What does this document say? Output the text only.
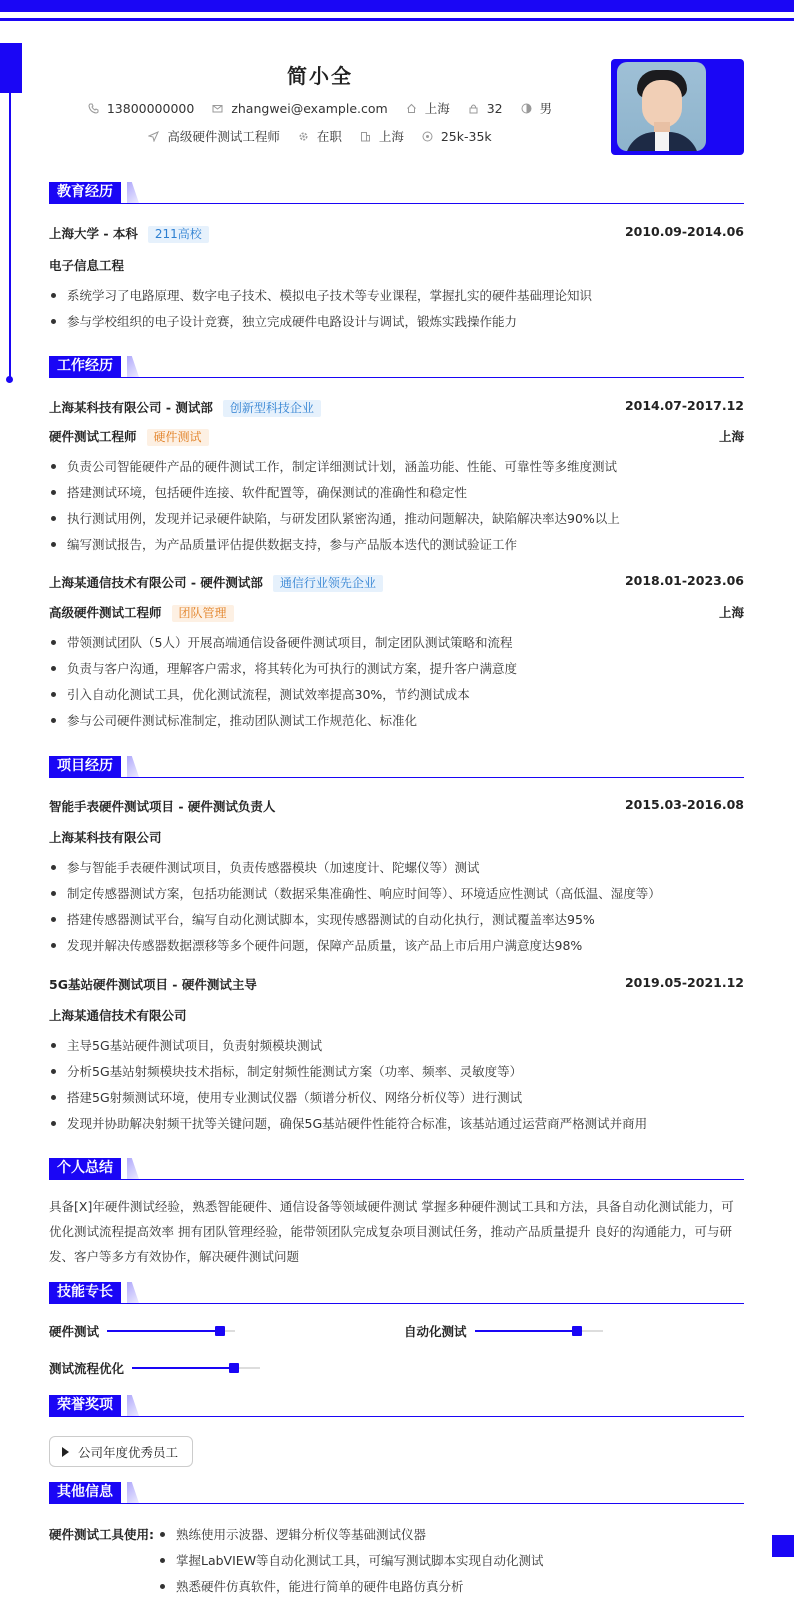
简小全
13800000000	zhangwei@example.com	上海	32	男
高级硬件测试工程师	在职	上海	25k-35k
教育经历
上海大学 - 本科 211高校	2010.09-2014.06
电子信息工程
系统学习了电路原理、数字电子技术、模拟电子技术等专业课程，掌握扎实的硬件基础理论知识
参与学校组织的电子设计竞赛，独立完成硬件电路设计与调试，锻炼实践操作能力
工作经历
上海某科技有限公司 - 测试部 创新型科技企业	2014.07-2017.12
硬件测试工程师 硬件测试	上海
负责公司智能硬件产品的硬件测试工作，制定详细测试计划，涵盖功能、性能、可靠性等多维度测试
搭建测试环境，包括硬件连接、软件配置等，确保测试的准确性和稳定性
执行测试用例，发现并记录硬件缺陷，与研发团队紧密沟通，推动问题解决，缺陷解决率达90%以上
编写测试报告，为产品质量评估提供数据支持，参与产品版本迭代的测试验证工作
上海某通信技术有限公司 - 硬件测试部 通信行业领先企业	2018.01-2023.06
高级硬件测试工程师 团队管理	上海
带领测试团队（5人）开展高端通信设备硬件测试项目，制定团队测试策略和流程
负责与客户沟通，理解客户需求，将其转化为可执行的测试方案，提升客户满意度
引入自动化测试工具，优化测试流程，测试效率提高30%，节约测试成本
参与公司硬件测试标准制定，推动团队测试工作规范化、标准化
项目经历
智能手表硬件测试项目 - 硬件测试负责人	2015.03-2016.08
上海某科技有限公司
参与智能手表硬件测试项目，负责传感器模块（加速度计、陀螺仪等）测试
制定传感器测试方案，包括功能测试（数据采集准确性、响应时间等）、环境适应性测试（高低温、湿度等）
搭建传感器测试平台，编写自动化测试脚本，实现传感器测试的自动化执行，测试覆盖率达95%
发现并解决传感器数据漂移等多个硬件问题，保障产品质量，该产品上市后用户满意度达98%
5G基站硬件测试项目 - 硬件测试主导	2019.05-2021.12
上海某通信技术有限公司
主导5G基站硬件测试项目，负责射频模块测试
分析5G基站射频模块技术指标，制定射频性能测试方案（功率、频率、灵敏度等）
搭建5G射频测试环境，使用专业测试仪器（频谱分析仪、网络分析仪等）进行测试
发现并协助解决射频干扰等关键问题，确保5G基站硬件性能符合标准，该基站通过运营商严格测试并商用
个人总结
具备[X]年硬件测试经验，熟悉智能硬件、通信设备等领域硬件测试 掌握多种硬件测试工具和方法，具备自动化测试能力，可优化测试流程提高效率 拥有团队管理经验，能带领团队完成复杂项目测试任务，推动产品质量提升 良好的沟通能力，可与研发、客户等多方有效协作，解决硬件测试问题
技能专长
硬件测试	自动化测试
测试流程优化
荣誉奖项
公司年度优秀员工
其他信息
硬件测试工具使用:	熟练使用示波器、逻辑分析仪等基础测试仪器
掌握LabVIEW等自动化测试工具，可编写测试脚本实现自动化测试
熟悉硬件仿真软件，能进行简单的硬件电路仿真分析
